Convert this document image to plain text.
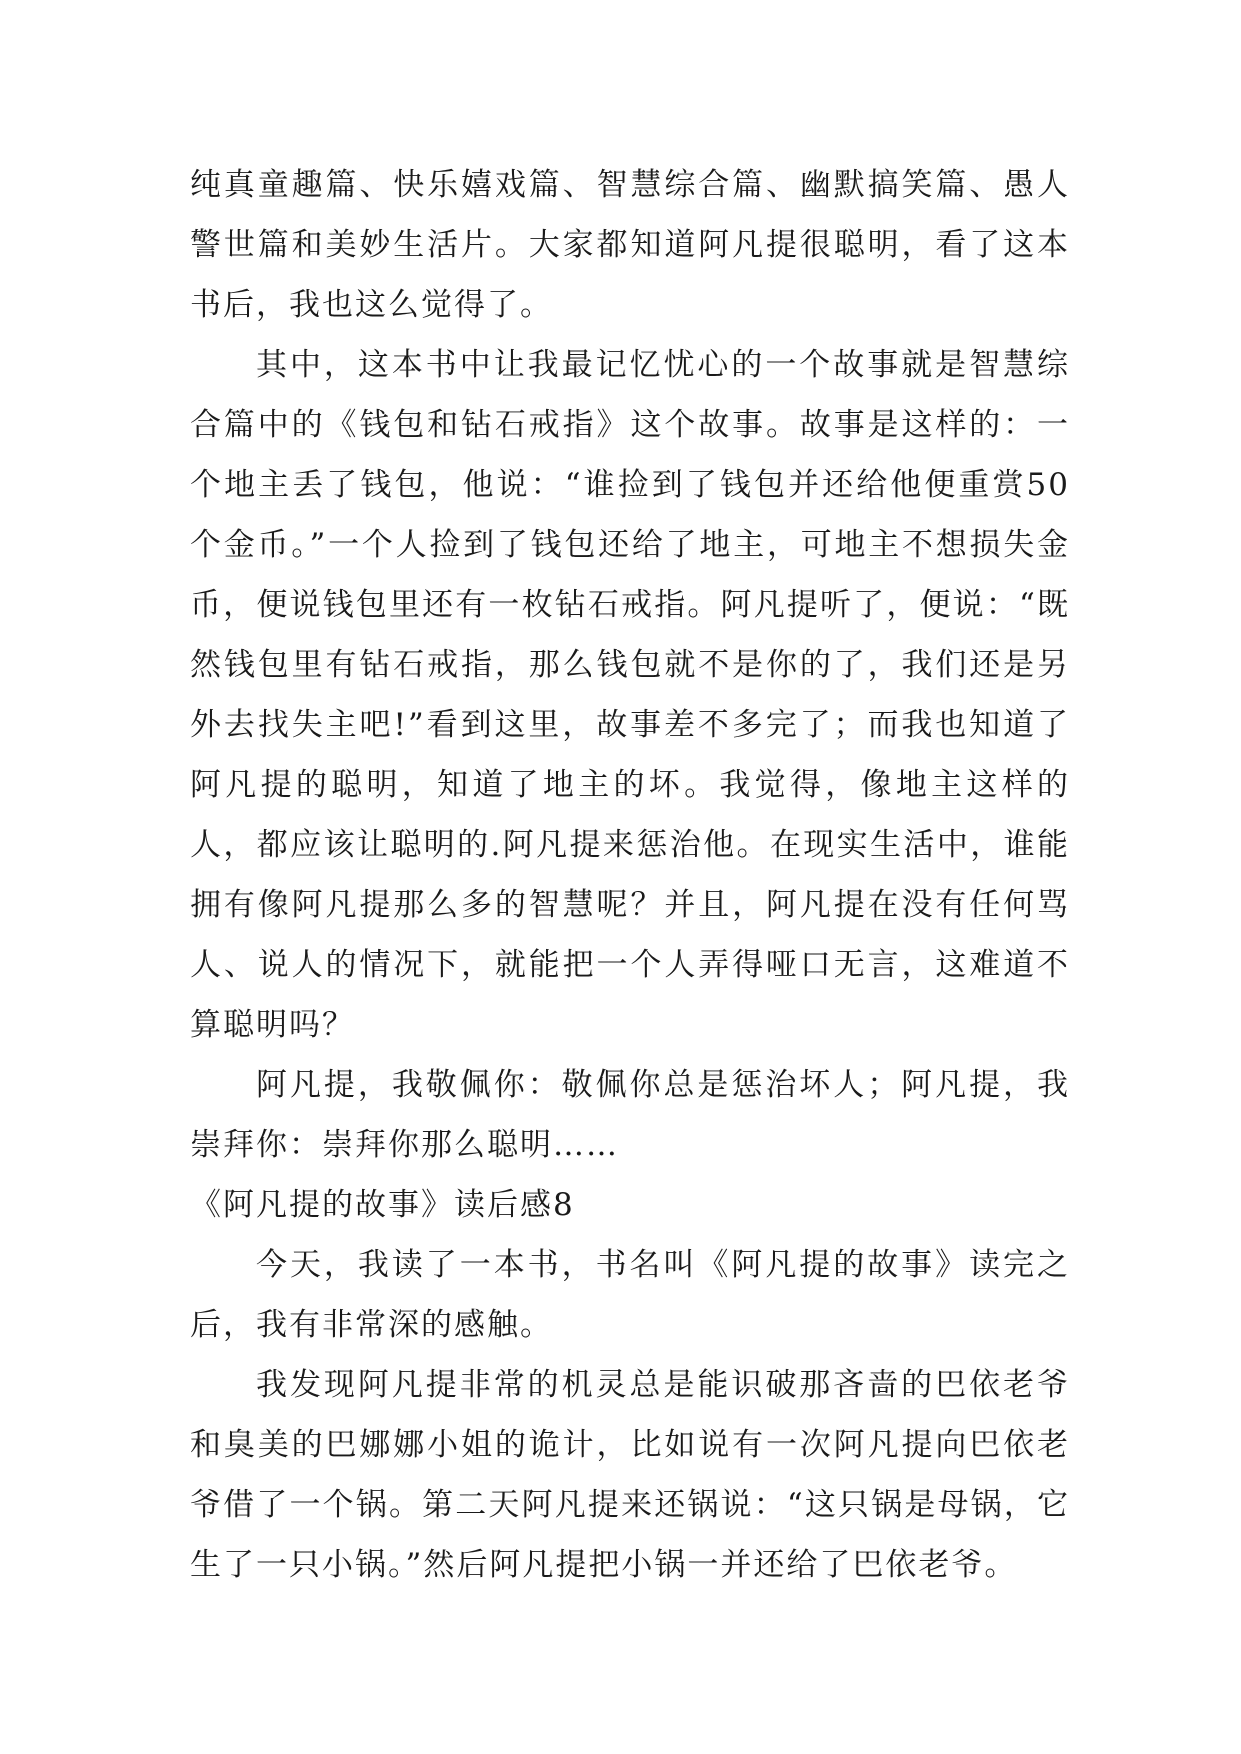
纯真童趣篇、快乐嬉戏篇、智慧综合篇、幽默搞笑篇、愚人警世篇和美妙生活片。大家都知道阿凡提很聪明，看了这本书后，我也这么觉得了。

其中，这本书中让我最记忆忧心的一个故事就是智慧综合篇中的《钱包和钻石戒指》这个故事。故事是这样的：一个地主丢了钱包，他说：“谁捡到了钱包并还给他便重赏50个金币。”一个人捡到了钱包还给了地主，可地主不想损失金币，便说钱包里还有一枚钻石戒指。阿凡提听了，便说：“既然钱包里有钻石戒指，那么钱包就不是你的了，我们还是另外去找失主吧!”看到这里，故事差不多完了；而我也知道了阿凡提的聪明，知道了地主的坏。我觉得，像地主这样的人，都应该让聪明的.阿凡提来惩治他。在现实生活中，谁能拥有像阿凡提那么多的智慧呢？并且，阿凡提在没有任何骂人、说人的情况下，就能把一个人弄得哑口无言，这难道不算聪明吗？

阿凡提，我敬佩你：敬佩你总是惩治坏人；阿凡提，我崇拜你：崇拜你那么聪明……

《阿凡提的故事》读后感8

今天，我读了一本书，书名叫《阿凡提的故事》读完之后，我有非常深的感触。

我发现阿凡提非常的机灵总是能识破那吝啬的巴依老爷和臭美的巴娜娜小姐的诡计，比如说有一次阿凡提向巴依老爷借了一个锅。第二天阿凡提来还锅说：“这只锅是母锅，它生了一只小锅。”然后阿凡提把小锅一并还给了巴依老爷。
